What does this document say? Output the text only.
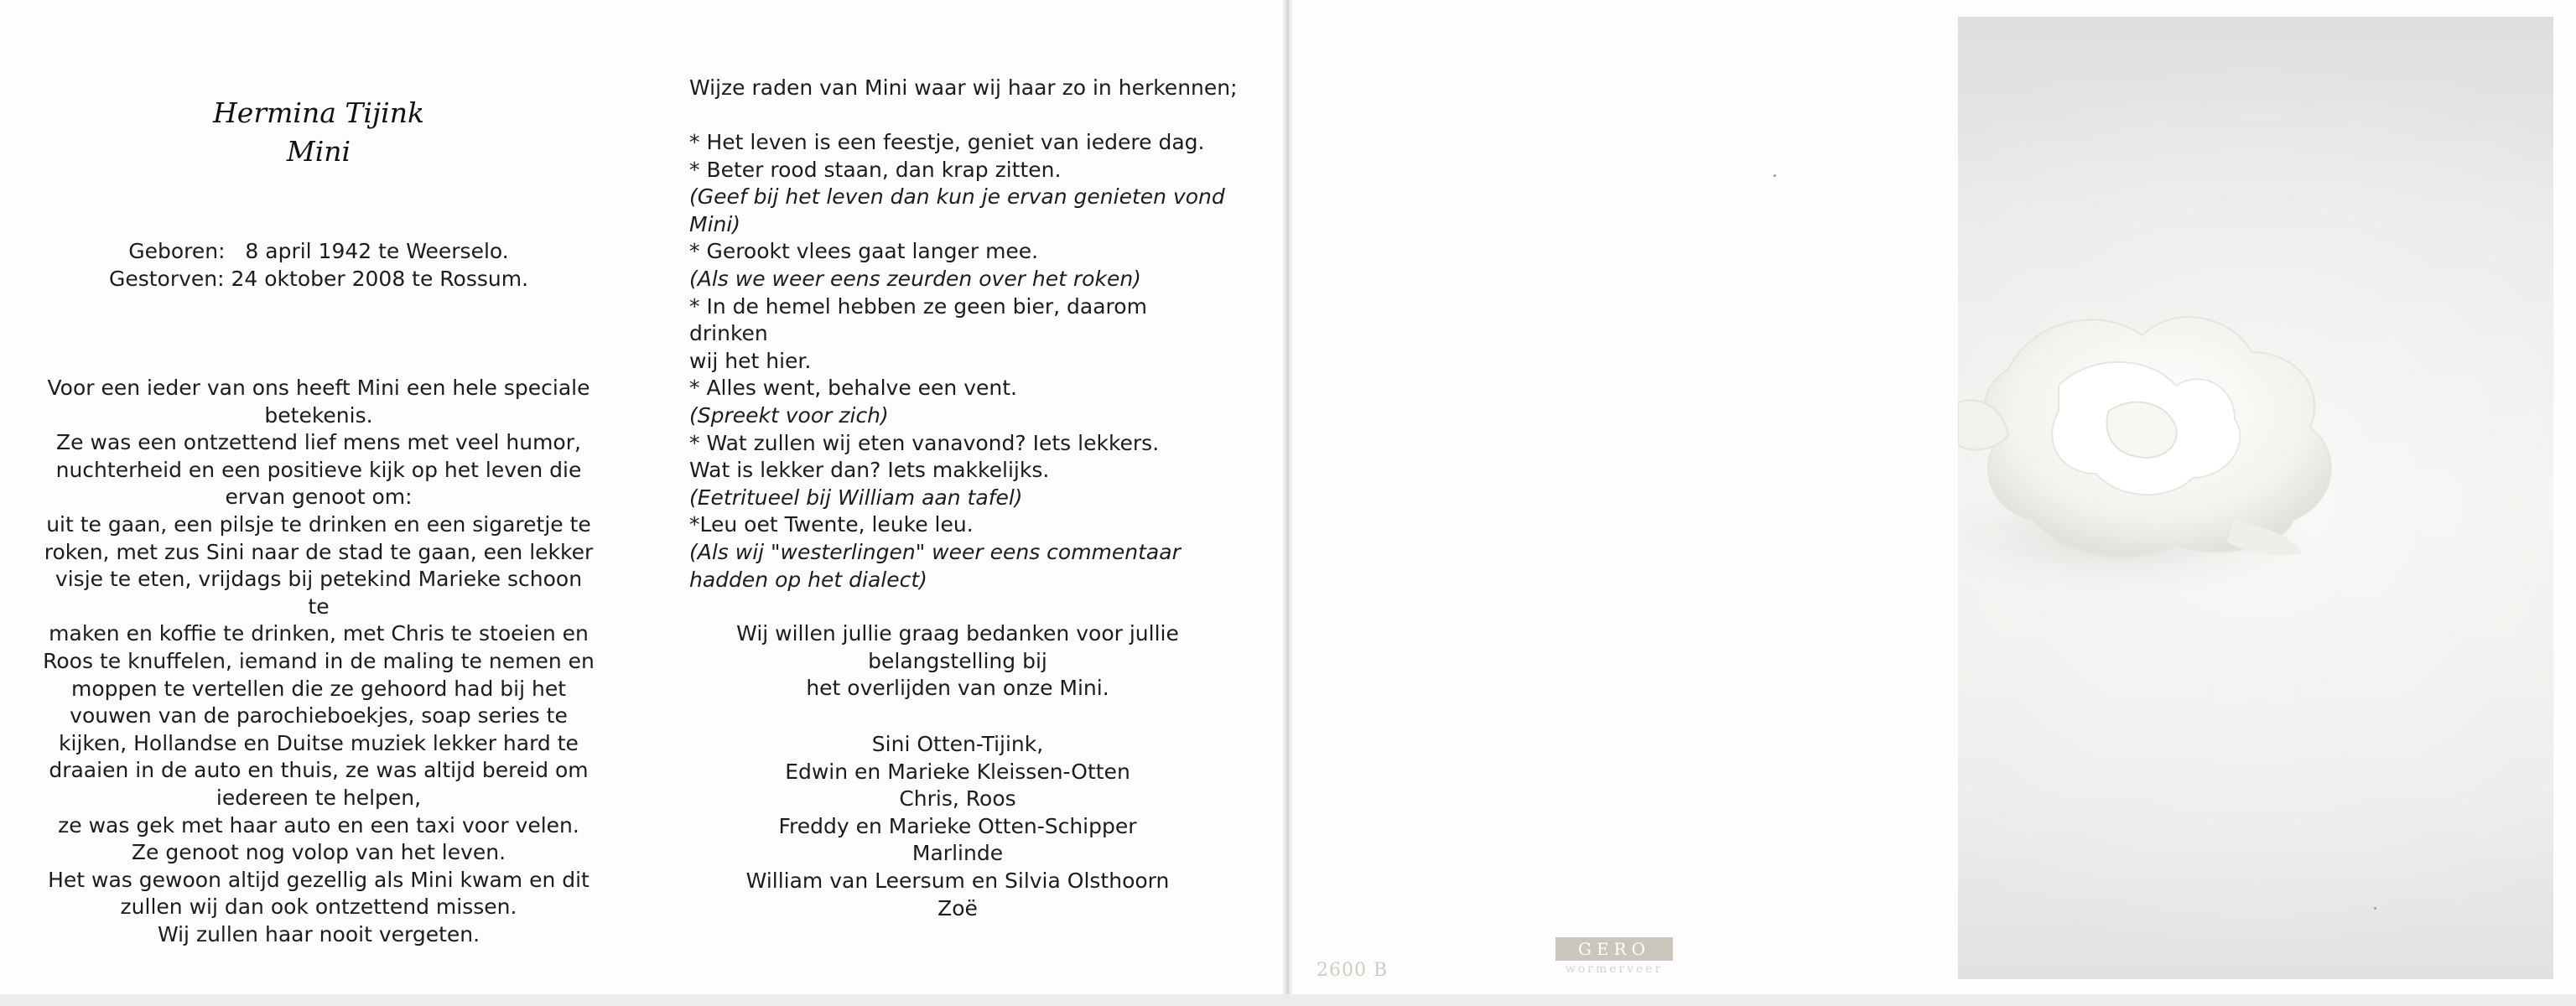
Hermina Tijink
Mini
Geboren:   8 april 1942 te Weerselo.
Gestorven: 24 oktober 2008 te Rossum.
Voor een ieder van ons heeft Mini een hele speciale
betekenis.
Ze was een ontzettend lief mens met veel humor,
nuchterheid en een positieve kijk op het leven die
ervan genoot om:
uit te gaan, een pilsje te drinken en een sigaretje te
roken, met zus Sini naar de stad te gaan, een lekker
visje te eten, vrijdags bij petekind Marieke schoon te
maken en koffie te drinken, met Chris te stoeien en
Roos te knuffelen, iemand in de maling te nemen en
moppen te vertellen die ze gehoord had bij het
vouwen van de parochieboekjes, soap series te
kijken, Hollandse en Duitse muziek lekker hard te
draaien in de auto en thuis, ze was altijd bereid om
iedereen te helpen,
ze was gek met haar auto en een taxi voor velen.
Ze genoot nog volop van het leven.
Het was gewoon altijd gezellig als Mini kwam en dit
zullen wij dan ook ontzettend missen.
Wij zullen haar nooit vergeten.
Wijze raden van Mini waar wij haar zo in herkennen;
* Het leven is een feestje, geniet van iedere dag.
* Beter rood staan, dan krap zitten.
(Geef bij het leven dan kun je ervan genieten vond
Mini)
* Gerookt vlees gaat langer mee.
(Als we weer eens zeurden over het roken)
* In de hemel hebben ze geen bier, daarom drinken
wij het hier.
* Alles went, behalve een vent.
(Spreekt voor zich)
* Wat zullen wij eten vanavond? Iets lekkers.
Wat is lekker dan? Iets makkelijks.
(Eetritueel bij William aan tafel)
*Leu oet Twente, leuke leu.
(Als wij "westerlingen" weer eens commentaar
hadden op het dialect)
Wij willen jullie graag bedanken voor jullie
belangstelling bij
het overlijden van onze Mini.
Sini Otten-Tijink,
Edwin en Marieke Kleissen-Otten
Chris, Roos
Freddy en Marieke Otten-Schipper
Marlinde
William van Leersum en Silvia Olsthoorn
Zoë
2600 B
GERO
wormerveer
